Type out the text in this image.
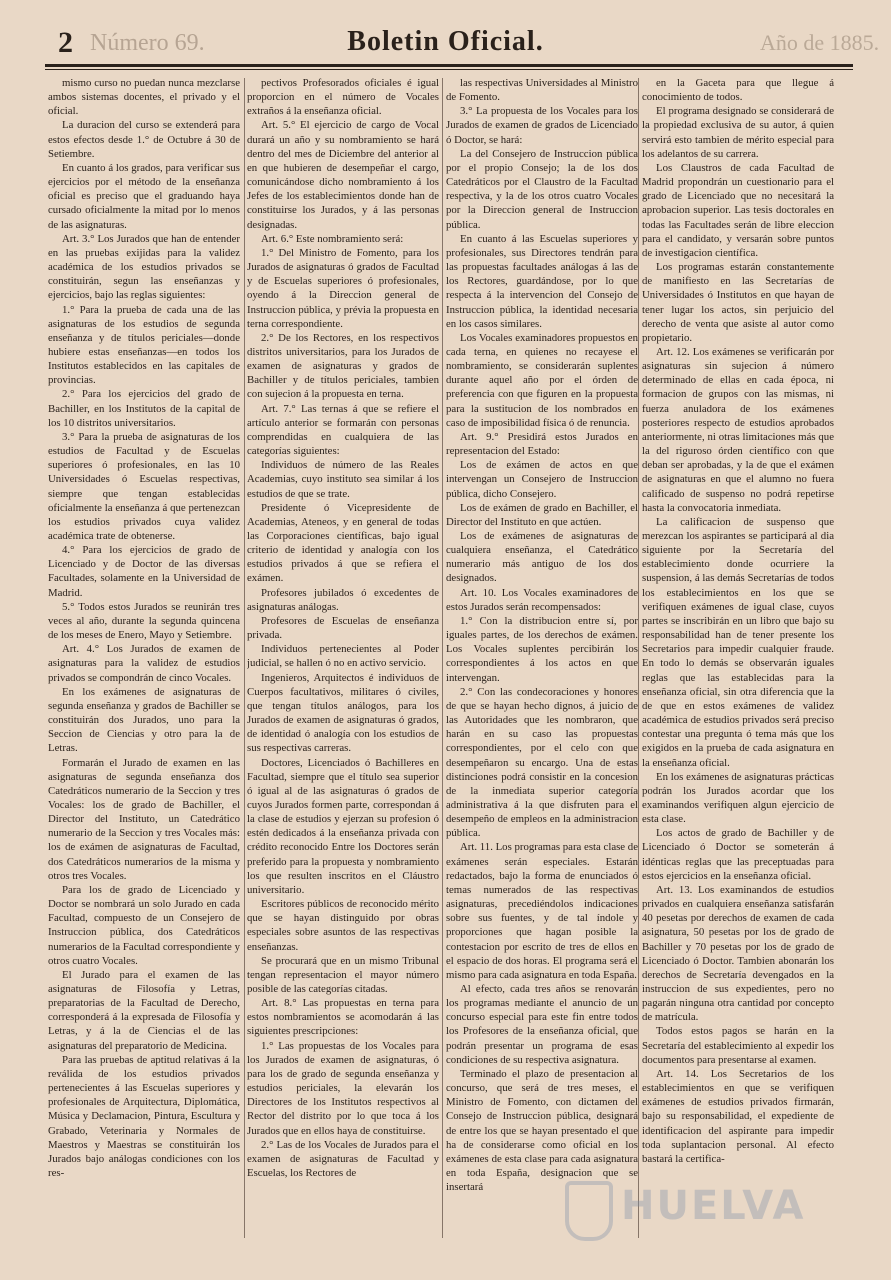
2 Número 69.	Boletin Oficial.	Año de 1885.

mismo curso no puedan nunca mezclarse ambos sistemas docentes, el privado y el oficial.

La duracion del curso se extenderá para estos efectos desde 1.° de Octubre á 30 de Setiembre.

En cuanto á los grados, para verificar sus ejercicios por el método de la enseñanza oficial es preciso que el graduando haya cursado oficialmente la mitad por lo menos de las asignaturas.

Art. 3.° Los Jurados que han de entender en las pruebas exijidas para la validez académica de los estudios privados se constituirán, segun las enseñanzas y ejercicios, bajo las reglas siguientes:

1.° Para la prueba de cada una de las asignaturas de los estudios de segunda enseñanza y de títulos periciales—donde hubiere estas enseñanzas—en todos los Institutos establecidos en las capitales de provincias.

2.° Para los ejercicios del grado de Bachiller, en los Institutos de la capital de los 10 distritos universitarios.

3.° Para la prueba de asignaturas de los estudios de Facultad y de Escuelas superiores ó profesionales, en las 10 Universidades ó Escuelas respectivas, siempre que tengan establecidas oficialmente la enseñanza á que pertenezcan los estudios privados cuya validez académica trate de obtenerse.

4.° Para los ejercicios de grado de Licenciado y de Doctor de las diversas Facultades, solamente en la Universidad de Madrid.

5.° Todos estos Jurados se reunirán tres veces al año, durante la segunda quincena de los meses de Enero, Mayo y Setiembre.

Art. 4.° Los Jurados de examen de asignaturas para la validez de estudios privados se compondrán de cinco Vocales.

En los exámenes de asignaturas de segunda enseñanza y grados de Bachiller se constituirán dos Jurados, uno para la Seccion de Ciencias y otro para la de Letras.

Formarán el Jurado de examen en las asignaturas de segunda enseñanza dos Catedráticos numerario de la Seccion y tres Vocales: los de grado de Bachiller, el Director del Instituto, un Catedrático numerario de la Seccion y tres Vocales más: los de exámen de asignaturas de Facultad, dos Catedráticos numerarios de la misma y otros tres Vocales.

Para los de grado de Licenciado y Doctor se nombrará un solo Jurado en cada Facultad, compuesto de un Consejero de Instruccion pública, dos Catedráticos numerarios de la Facultad correspondiente y otros cuatro Vocales.

El Jurado para el examen de las asignaturas de Filosofía y Letras, preparatorias de la Facultad de Derecho, corresponderá á la expresada de Filosofía y Letras, y á la de Ciencias el de las asignaturas del preparatorio de Medicina.

Para las pruebas de aptitud relativas á la reválida de los estudios privados pertenecientes á las Escuelas superiores y profesionales de Arquitectura, Diplomática, Música y Declamacion, Pintura, Escultura y Grabado, Veterinaria y Normales de Maestros y Maestras se constituirán los Jurados bajo análogas condiciones con los res-

pectivos Profesorados oficiales é igual proporcion en el número de Vocales extraños á la enseñanza oficial.

Art. 5.° El ejercicio de cargo de Vocal durará un año y su nombramiento se hará dentro del mes de Diciembre del anterior al en que hubieren de desempeñar el cargo, comunicándose dicho nombramiento á los Jefes de los establecimientos donde han de constituirse los Jurados, y á las personas designadas.

Art. 6.° Este nombramiento será:

1.° Del Ministro de Fomento, para los Jurados de asignaturas ó grados de Facultad y de Escuelas superiores ó profesionales, oyendo á la Direccion general de Instruccion pública, y prévia la propuesta en terna correspondiente.

2.° De los Rectores, en los respectivos distritos universitarios, para los Jurados de examen de asignaturas y grados de Bachiller y de títulos periciales, tambien con sujecion á la propuesta en terna.

Art. 7.° Las ternas á que se refiere el artículo anterior se formarán con personas comprendidas en cualquiera de las categorías siguientes:

Individuos de número de las Reales Academias, cuyo instituto sea similar á los estudios de que se trate.

Presidente ó Vicepresidente de Academias, Ateneos, y en general de todas las Corporaciones científicas, bajo igual criterio de identidad y analogía con los estudios privados á que se refiera el exámen.

Profesores jubilados ó excedentes de asignaturas análogas.

Profesores de Escuelas de enseñanza privada.

Individuos pertenecientes al Poder judicial, se hallen ó no en activo servicio.

Ingenieros, Arquitectos é individuos de Cuerpos facultativos, militares ó civiles, que tengan títulos análogos, para los Jurados de examen de asignaturas ó grados, de identidad ó analogía con los estudios de sus respectivas carreras.

Doctores, Licenciados ó Bachilleres en Facultad, siempre que el título sea superior ó igual al de las asignaturas ó grados de cuyos Jurados formen parte, correspondan á la clase de estudios y ejerzan su profesion ó estén dedicados á la enseñanza privada con crédito reconocido Entre los Doctores serán preferido para la propuesta y nombramiento los que resulten inscritos en el Cláustro universitario.

Escritores públicos de reconocido mérito que se hayan distinguido por obras especiales sobre asuntos de las respectivas enseñanzas.

Se procurará que en un mismo Tribunal tengan representacion el mayor número posible de las categorías citadas.

Art. 8.° Las propuestas en terna para estos nombramientos se acomodarán á las siguientes prescripciones:

1.° Las propuestas de los Vocales para los Jurados de examen de asignaturas, ó para los de grado de segunda enseñanza y estudios periciales, la elevarán los Directores de los Institutos respectivos al Rector del distrito por lo que toca á los Jurados que en ellos haya de constituirse.

2.° Las de los Vocales de Jurados para el examen de asignaturas de Facultad y Escuelas, los Rectores de

las respectivas Universidades al Ministro de Fomento.

3.° La propuesta de los Vocales para los Jurados de examen de grados de Licenciado ó Doctor, se hará:

La del Consejero de Instruccion pública por el propio Consejo; la de los dos Catedráticos por el Claustro de la Facultad respectiva, y la de los otros cuatro Vocales por la Direccion general de Instruccion pública.

En cuanto á las Escuelas superiores y profesionales, sus Directores tendrán para las propuestas facultades análogas á las de los Rectores, guardándose, por lo que respecta á la intervencion del Consejo de Instruccion pública, la identidad necesaria en los casos similares.

Los Vocales examinadores propuestos en cada terna, en quienes no recayese el nombramiento, se considerarán suplentes durante aquel año por el órden de preferencia con que figuren en la propuesta para la sustitucion de los nombrados en caso de imposibilidad física ó de renuncia.

Art. 9.° Presidirá estos Jurados en representacion del Estado:

Los de exámen de actos en que intervengan un Consejero de Instruccion pública, dicho Consejero.

Los de exámen de grado en Bachiller, el Director del Instituto en que actúen.

Los de exámenes de asignaturas de cualquiera enseñanza, el Catedrático numerario más antiguo de los dos designados.

Art. 10. Los Vocales examinadores de estos Jurados serán recompensados:

1.° Con la distribucion entre sí, por iguales partes, de los derechos de exámen. Los Vocales suplentes percibirán los correspondientes á los actos en que intervengan.

2.° Con las condecoraciones y honores de que se hayan hecho dignos, á juicio de las Autoridades que les nombraron, que harán en su caso las propuestas correspondientes, por el celo con que desempeñaron su encargo. Una de estas distinciones podrá consistir en la concesion de la inmediata superior categoría administrativa á la que disfruten para el desempeño de empleos en la administracion pública.

Art. 11. Los programas para esta clase de exámenes serán especiales. Estarán redactados, bajo la forma de enunciados ó temas numerados de las respectivas asignaturas, precediéndolos indicaciones sobre sus fuentes, y de tal índole y proporciones que hagan posible la contestacion por escrito de tres de ellos en el espacio de dos horas. El programa será el mismo para cada asignatura en toda España.

Al efecto, cada tres años se renovarán los programas mediante el anuncio de un concurso especial para este fin entre todos los Profesores de la enseñanza oficial, que podrán presentar un programa de esas condiciones de su respectiva asignatura.

Terminado el plazo de presentacion al concurso, que será de tres meses, el Ministro de Fomento, con dictamen del Consejo de Instruccion pública, designará de entre los que se hayan presentado el que ha de considerarse como oficial en los exámenes de esta clase para cada asignatura en toda España, designacion que se insertará

en la Gaceta para que llegue á conocimiento de todos.

El programa designado se considerará de la propiedad exclusiva de su autor, á quien servirá esto tambien de mérito especial para los adelantos de su carrera.

Los Claustros de cada Facultad de Madrid propondrán un cuestionario para el grado de Licenciado que no necesitará la aprobacion superior. Las tesis doctorales en todas las Facultades serán de libre eleccion para el candidato, y versarán sobre puntos de investigacion científica.

Los programas estarán constantemente de manifiesto en las Secretarías de Universidades ó Institutos en que hayan de tener lugar los actos, sin perjuicio del derecho de venta que asiste al autor como propietario.

Art. 12. Los exámenes se verificarán por asignaturas sin sujecion á número determinado de ellas en cada época, ni formacion de grupos con las mismas, ni fuerza anuladora de los exámenes posteriores respecto de estudios aprobados anteriormente, ni otras limitaciones más que la del riguroso órden científico con que deban ser aprobadas, y la de que el exámen de asignaturas en que el alumno no fuera calificado de suspenso no podrá repetirse hasta la convocatoria inmediata.

La calificacion de suspenso que merezcan los aspirantes se participará al dia siguiente por la Secretaría del establecimiento donde ocurriere la suspension, á las demás Secretarías de todos los establecimientos en los que se verifiquen exámenes de igual clase, cuyos partes se inscribirán en un libro que bajo su responsabilidad han de tener presente los Secretarios para impedir cualquier fraude. En todo lo demás se observarán iguales reglas que las establecidas para la enseñanza oficial, sin otra diferencia que la de que en estos exámenes de validez académica de estudios privados será preciso contestar una pregunta ó tema más que los exigidos en la prueba de cada asignatura en la enseñanza oficial.

En los exámenes de asignaturas prácticas podrán los Jurados acordar que los examinandos verifiquen algun ejercicio de esta clase.

Los actos de grado de Bachiller y de Licenciado ó Doctor se someterán á idénticas reglas que las preceptuadas para estos ejercicios en la enseñanza oficial.

Art. 13. Los examinandos de estudios privados en cualquiera enseñanza satisfarán 40 pesetas por derechos de examen de cada asignatura, 50 pesetas por los de grado de Bachiller y 70 pesetas por los de grado de Licenciado ó Doctor. Tambien abonarán los derechos de Secretaría devengados en la instruccion de sus expedientes, pero no pagarán ninguna otra cantidad por concepto de matrícula.

Todos estos pagos se harán en la Secretaría del establecimiento al expedir los documentos para presentarse al examen.

Art. 14. Los Secretarios de los establecimientos en que se verifiquen exámenes de estudios privados firmarán, bajo su responsabilidad, el expediente de identificacion del aspirante para impedir toda suplantacion personal. Al efecto bastará la certifica-

HUELVA
